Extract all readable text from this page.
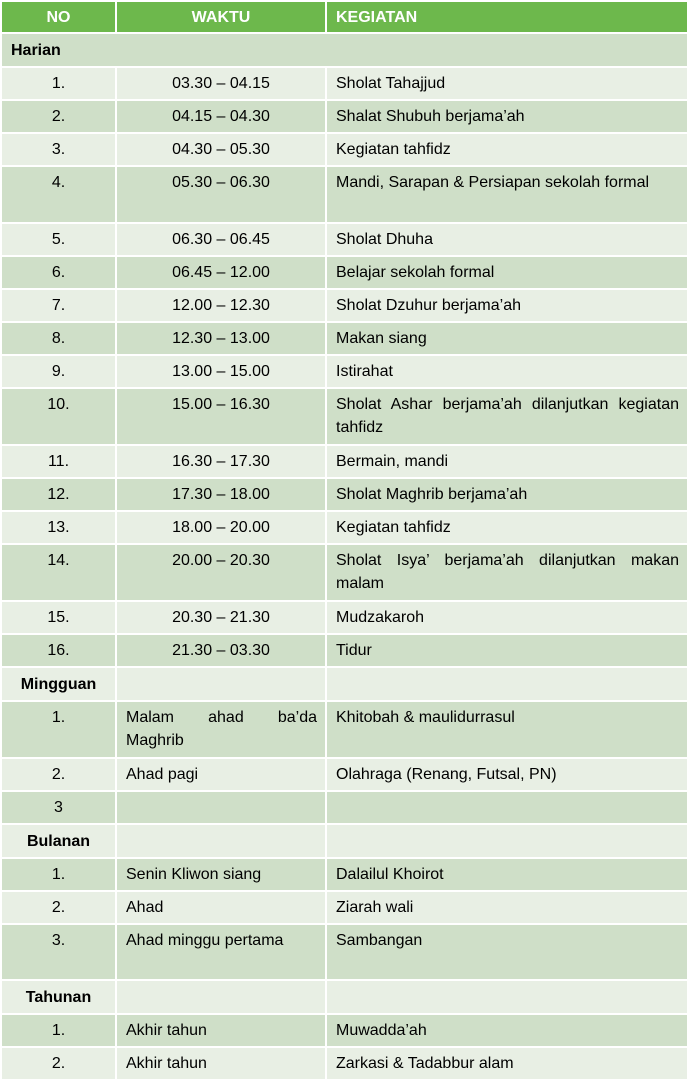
NO	WAKTU	KEGIATAN
Harian		
1.	03.30 – 04.15	Sholat Tahajjud
2.	04.15 – 04.30	Shalat Shubuh berjama’ah
3.	04.30 – 05.30	Kegiatan tahfidz
4.	05.30 – 06.30	Mandi, Sarapan & Persiapan sekolah formal
5.	06.30 – 06.45	Sholat Dhuha
6.	06.45 – 12.00	Belajar sekolah formal
7.	12.00 – 12.30	Sholat Dzuhur berjama’ah
8.	12.30 – 13.00	Makan siang
9.	13.00 – 15.00	Istirahat
10.	15.00 – 16.30	Sholat Ashar berjama’ah dilanjutkan kegiatan tahfidz
11.	16.30 – 17.30	Bermain, mandi
12.	17.30 – 18.00	Sholat Maghrib berjama’ah
13.	18.00 – 20.00	Kegiatan tahfidz
14.	20.00 – 20.30	Sholat Isya’ berjama’ah dilanjutkan makan malam
15.	20.30 – 21.30	Mudzakaroh
16.	21.30 – 03.30	Tidur
Mingguan		
1.	Malam ahad ba’da Maghrib	Khitobah & maulidurrasul
2.	Ahad pagi	Olahraga (Renang, Futsal, PN)
3		
Bulanan		
1.	Senin Kliwon siang	Dalailul Khoirot
2.	Ahad	Ziarah wali
3.	Ahad minggu pertama	Sambangan
Tahunan		
1.	Akhir tahun	Muwadda’ah
2.	Akhir tahun	Zarkasi & Tadabbur alam
